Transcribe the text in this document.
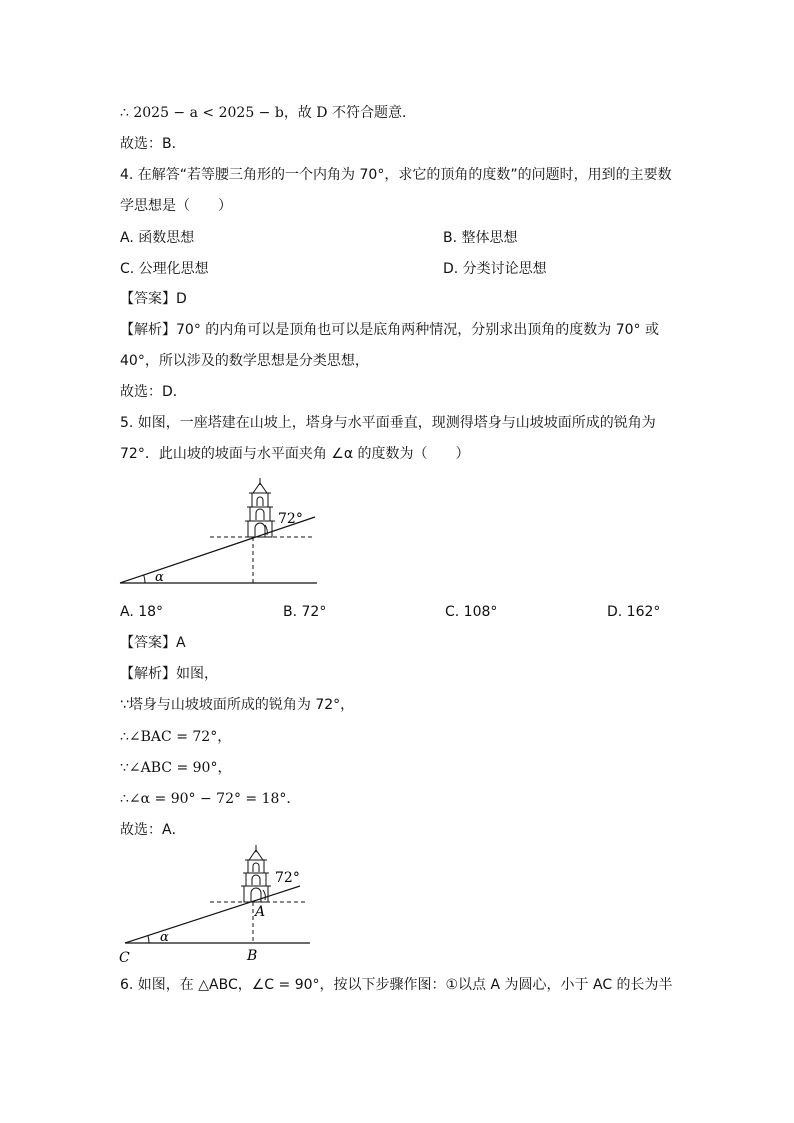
∴ 2025 − a < 2025 − b，故 D 不符合题意．
故选：B．
4. 在解答“若等腰三角形的一个内角为 70°，求它的顶角的度数”的问题时，用到的主要数
学思想是（　　）
A. 函数思想	B. 整体思想
C. 公理化思想	D. 分类讨论思想
【答案】D
【解析】70° 的内角可以是顶角也可以是底角两种情况，分别求出顶角的度数为 70° 或
40°，所以涉及的数学思想是分类思想，
故选：D．
5. 如图，一座塔建在山坡上，塔身与水平面垂直，现测得塔身与山坡坡面所成的锐角为
72°．此山坡的坡面与水平面夹角 ∠α 的度数为（　　）
α
72°
A. 18°	B. 72°	C. 108°	D. 162°
【答案】A
【解析】如图，
∵塔身与山坡坡面所成的锐角为 72°，
∴∠BAC = 72°，
∵∠ABC = 90°，
∴∠α = 90° − 72° = 18°．
故选：A．
α
72°
A
B
C
6. 如图，在 △ABC，∠C = 90°，按以下步骤作图：①以点 A 为圆心，小于 AC 的长为半
